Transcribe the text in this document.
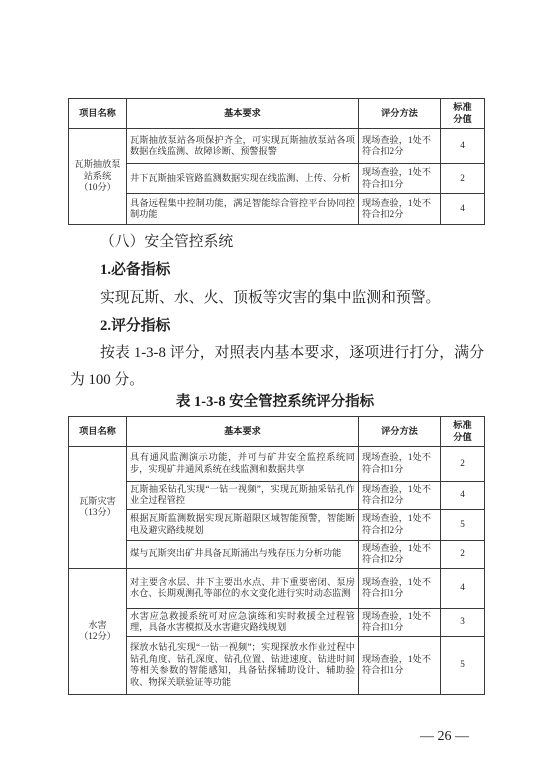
项目名称	基本要求	评分方法	标准分值

瓦斯抽放泵站系统
（10分）	瓦斯抽放泵站各项保护齐全，可实现瓦斯抽放泵站各项数据在线监测、故障诊断、预警报警	现场查验，1处不符合扣2分	4
	井下瓦斯抽采管路监测数据实现在线监测、上传、分析	现场查验，1处不符合扣1分	2
	具备远程集中控制功能，满足智能综合管控平台协同控制功能	现场查验，1处不符合扣2分	4
（八）安全管控系统
1.必备指标
实现瓦斯、水、火、顶板等灾害的集中监测和预警。
2.评分指标
按表 1-3-8 评分，对照表内基本要求，逐项进行打分，满分为 100 分。
表 1-3-8 安全管控系统评分指标
项目名称	基本要求	评分方法	标准分值

瓦斯灾害
（13分）	具有通风监测演示功能，并可与矿井安全监控系统同步，实现矿井通风系统在线监测和数据共享	现场查验，1处不符合扣1分	2
	瓦斯抽采钻孔实现“一钻一视频”，实现瓦斯抽采钻孔作业全过程管控	现场查验，1处不符合扣2分	4
	根据瓦斯监测数据实现瓦斯超限区域智能预警，智能断电及避灾路线规划	现场查验，1处不符合扣2分	5
	煤与瓦斯突出矿井具备瓦斯涌出与残存压力分析功能	现场查验，1处不符合扣2分	2

水害
（12分）	对主要含水层、井下主要出水点、井下重要密闭、泵房水仓、长期观测孔等部位的水文变化进行实时动态监测	现场查验，1处不符合扣1分	4
	水害应急救援系统可对应急演练和实时救援全过程管理，具备水害模拟及水害避灾路线规划	现场查验，1处不符合扣1分	3
	探放水钻孔实现“一钻一视频”；实现探放水作业过程中钻孔角度、钻孔深度、钻孔位置、钻进速度、钻进时间等相关参数的智能感知，具备钻探辅助设计、辅助验收、物探关联验证等功能	现场查验，1处不符合扣1分	5
— 26 —
